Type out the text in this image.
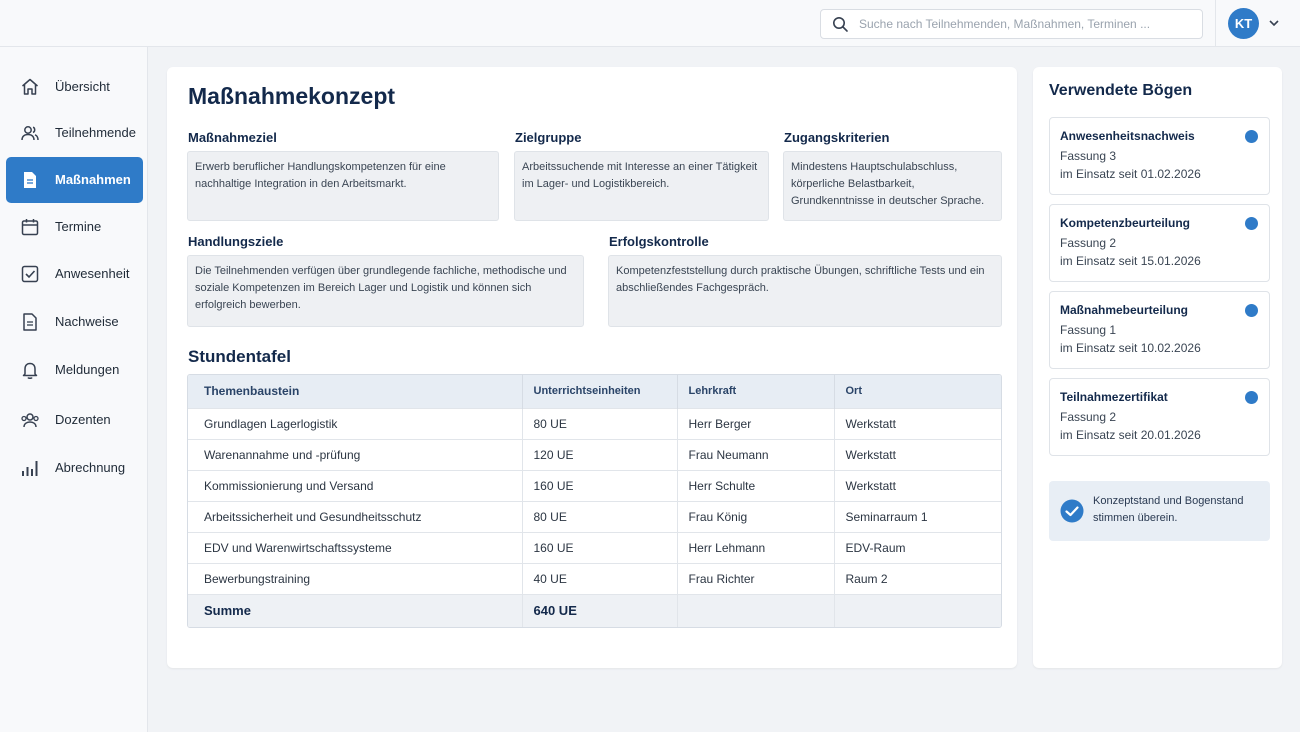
Suche nach Teilnehmenden, Maßnahmen, Terminen ...
KT
Übersicht
Teilnehmende
Maßnahmen
Termine
Anwesenheit
Nachweise
Meldungen
Dozenten
Abrechnung
Maßnahmekonzept
Maßnahmeziel
Erwerb beruflicher Handlungskompetenzen für eine nachhaltige Integration in den Arbeitsmarkt.
Zielgruppe
Arbeitssuchende mit Interesse an einer Tätigkeit im Lager- und Logistikbereich.
Zugangskriterien
Mindestens Hauptschulabschluss, körperliche Belastbarkeit, Grundkenntnisse in deutscher Sprache.
Handlungsziele
Die Teilnehmenden verfügen über grundlegende fachliche, methodische und soziale Kompetenzen im Bereich Lager und Logistik und können sich erfolgreich bewerben.
Erfolgskontrolle
Kompetenzfeststellung durch praktische Übungen, schriftliche Tests und ein abschließendes Fachgespräch.
Stundentafel
Themenbaustein	Unterrichtseinheiten	Lehrkraft	Ort
Grundlagen Lagerlogistik	80 UE	Herr Berger	Werkstatt
Warenannahme und -prüfung	120 UE	Frau Neumann	Werkstatt
Kommissionierung und Versand	160 UE	Herr Schulte	Werkstatt
Arbeitssicherheit und Gesundheitsschutz	80 UE	Frau König	Seminarraum 1
EDV und Warenwirtschaftssysteme	160 UE	Herr Lehmann	EDV-Raum
Bewerbungstraining	40 UE	Frau Richter	Raum 2
Summe	640 UE		
Verwendete Bögen
Anwesenheitsnachweis
Fassung 3
im Einsatz seit 01.02.2026
Kompetenzbeurteilung
Fassung 2
im Einsatz seit 15.01.2026
Maßnahmebeurteilung
Fassung 1
im Einsatz seit 10.02.2026
Teilnahmezertifikat
Fassung 2
im Einsatz seit 20.01.2026
Konzeptstand und Bogenstand stimmen überein.
